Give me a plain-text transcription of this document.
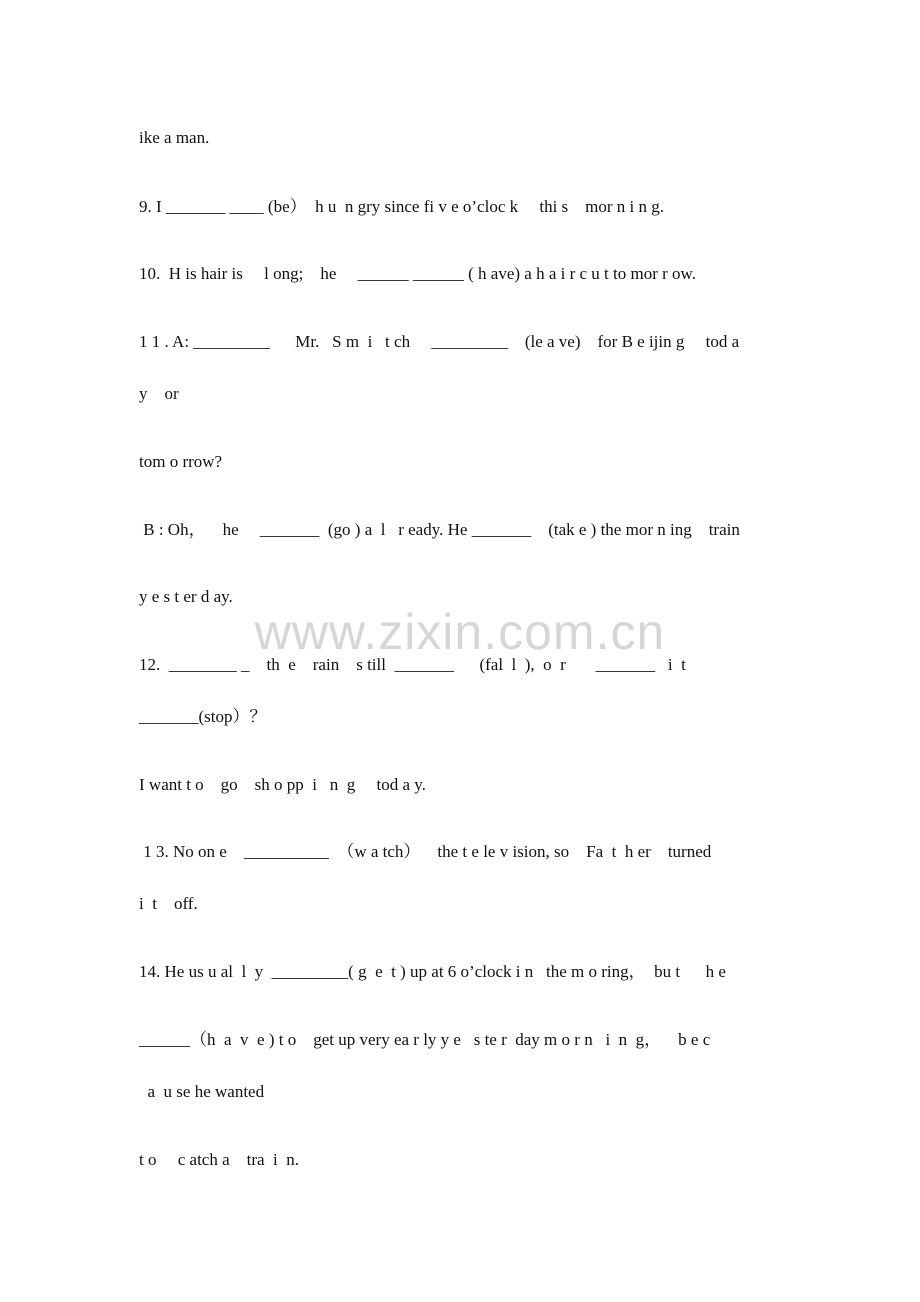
ike a man.
9. I _______ ____ (be）  h u  n gry since fi v e o’cloc k     thi s    mor n i n g.
10.  H is hair is     l ong;    he     ______ ______ ( h ave) a h a i r c u t to mor r ow.
1 1 . A: _________      Mr.   S m  i   t ch     _________    (le a ve)    for B e ijin g     tod a
y    or
tom o rrow?
B : Oh，    he     _______  (go ) a  l   r eady. He _______    (tak e ) the mor n ing    train
y e s t er d ay.
12.  ________ _    th  e    rain    s till  _______      (fal  l  ),  o  r       _______   i  t
_______(stop）？
I want t o    go    sh o pp  i   n  g     tod a y.
1 3. No on e    __________  （w a tch）    the t e le v ision, so    Fa  t  h er    turned
i  t    off.
14. He us u al  l  y  _________( g  e  t ) up at 6 o’clock i n   the m o ring，  bu t      h e
______（h  a  v  e ) t o    get up very ea r ly y e   s te r  day m o r n   i  n  g，    b e c
a  u se he wanted
t o     c atch a    tra  i  n.
www.zixin.com.cn
